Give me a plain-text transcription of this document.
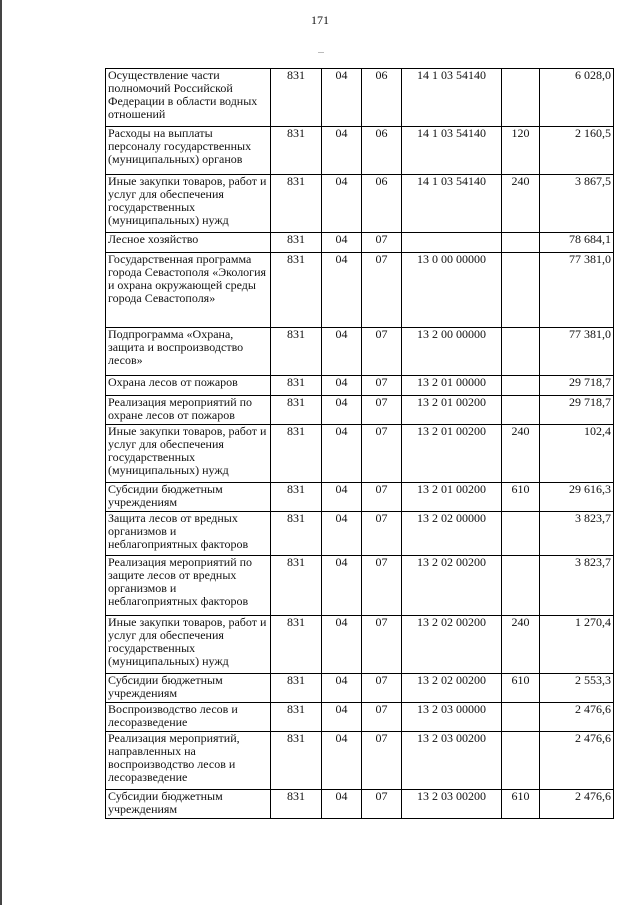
171
Осуществление части полномочий Российской Федерации в области водных отношений	831	04	06	14 1 03 54140		6 028,0
Расходы на выплаты персоналу государственных (муниципальных) органов	831	04	06	14 1 03 54140	120	2 160,5
Иные закупки товаров, работ и услуг для обеспечения государственных (муниципальных) нужд	831	04	06	14 1 03 54140	240	3 867,5
Лесное хозяйство	831	04	07			78 684,1
Государственная программа города Севастополя «Экология и охрана окружающей среды города Севастополя»	831	04	07	13 0 00 00000		77 381,0
Подпрограмма «Охрана, защита и воспроизводство лесов»	831	04	07	13 2 00 00000		77 381,0
Охрана лесов от пожаров	831	04	07	13 2 01 00000		29 718,7
Реализация мероприятий по охране лесов от пожаров	831	04	07	13 2 01 00200		29 718,7
Иные закупки товаров, работ и услуг для обеспечения государственных (муниципальных) нужд	831	04	07	13 2 01 00200	240	102,4
Субсидии бюджетным учреждениям	831	04	07	13 2 01 00200	610	29 616,3
Защита лесов от вредных организмов и неблагоприятных факторов	831	04	07	13 2 02 00000		3 823,7
Реализация мероприятий по защите лесов от вредных организмов и неблагоприятных факторов	831	04	07	13 2 02 00200		3 823,7
Иные закупки товаров, работ и услуг для обеспечения государственных (муниципальных) нужд	831	04	07	13 2 02 00200	240	1 270,4
Субсидии бюджетным учреждениям	831	04	07	13 2 02 00200	610	2 553,3
Воспроизводство лесов и лесоразведение	831	04	07	13 2 03 00000		2 476,6
Реализация мероприятий, направленных на воспроизводство лесов и лесоразведение	831	04	07	13 2 03 00200		2 476,6
Субсидии бюджетным учреждениям	831	04	07	13 2 03 00200	610	2 476,6
